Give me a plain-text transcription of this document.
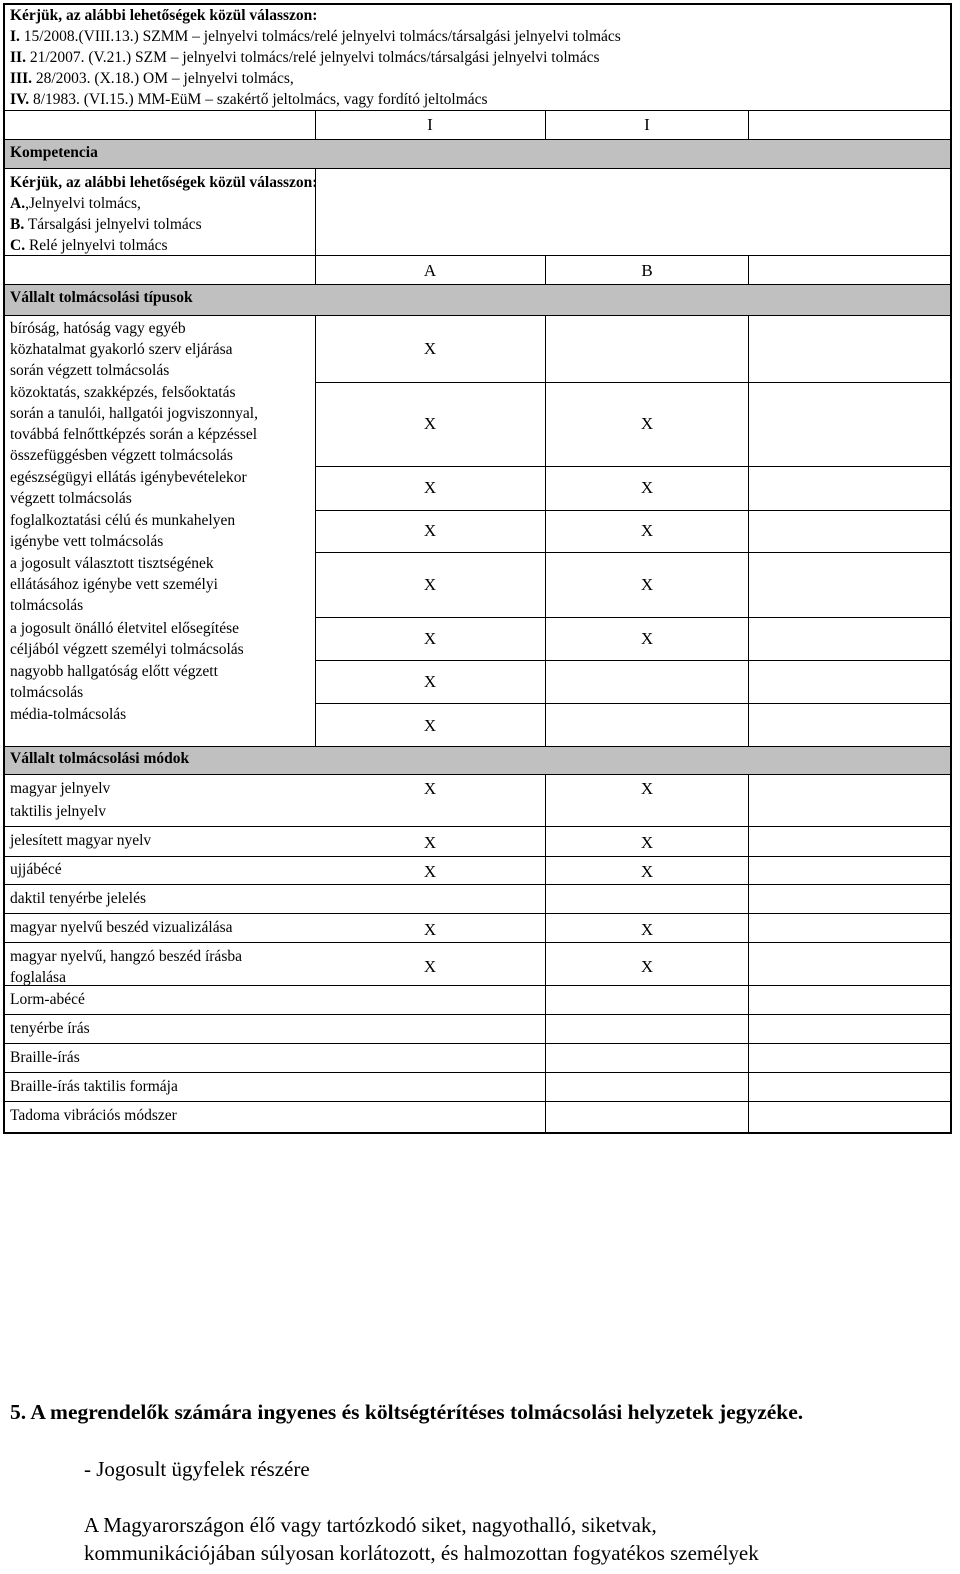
Kérjük, az alábbi lehetőségek közül válasszon:
I. 15/2008.(VIII.13.) SZMM – jelnyelvi tolmács/relé jelnyelvi tolmács/társalgási jelnyelvi tolmács
II. 21/2007. (V.21.) SZM – jelnyelvi tolmács/relé jelnyelvi tolmács/társalgási jelnyelvi tolmács
III. 28/2003. (X.18.) OM – jelnyelvi tolmács,
IV. 8/1983. (VI.15.) MM-EüM – szakértő jeltolmács, vagy fordító jeltolmács
I	I
Kompetencia
Kérjük, az alábbi lehetőségek közül válasszon:
A.,Jelnyelvi tolmács,
B. Társalgási jelnyelvi tolmács
C. Relé jelnyelvi tolmács
A	B
Vállalt tolmácsolási típusok
bíróság, hatóság vagy egyéb
közhatalmat gyakorló szerv eljárása
során végzett tolmácsolás
X
közoktatás, szakképzés, felsőoktatás
során a tanulói, hallgatói jogviszonnyal,
továbbá felnőttképzés során a képzéssel
összefüggésben végzett tolmácsolás
X	X
egészségügyi ellátás igénybevételekor
végzett tolmácsolás
X	X
foglalkoztatási célú és munkahelyen
igénybe vett tolmácsolás
X	X
a jogosult választott tisztségének
ellátásához igénybe vett személyi
tolmácsolás
X	X
a jogosult önálló életvitel elősegítése
céljából végzett személyi tolmácsolás
X	X
nagyobb hallgatóság előtt végzett
tolmácsolás
X
média-tolmácsolás
X
Vállalt tolmácsolási módok
magyar jelnyelv	X	X
taktilis jelnyelv
jelesített magyar nyelv	X	X
ujjábécé	X	X
daktil tenyérbe jelelés
magyar nyelvű beszéd vizualizálása	X	X
magyar nyelvű, hangzó beszéd írásba
foglalása
X	X
Lorm-abécé
tenyérbe írás
Braille-írás
Braille-írás taktilis formája
Tadoma vibrációs módszer
5. A megrendelők számára ingyenes és költségtérítéses tolmácsolási helyzetek jegyzéke.
- Jogosult ügyfelek részére
A Magyarországon élő vagy tartózkodó siket, nagyothalló, siketvak,
kommunikációjában súlyosan korlátozott, és halmozottan fogyatékos személyek
